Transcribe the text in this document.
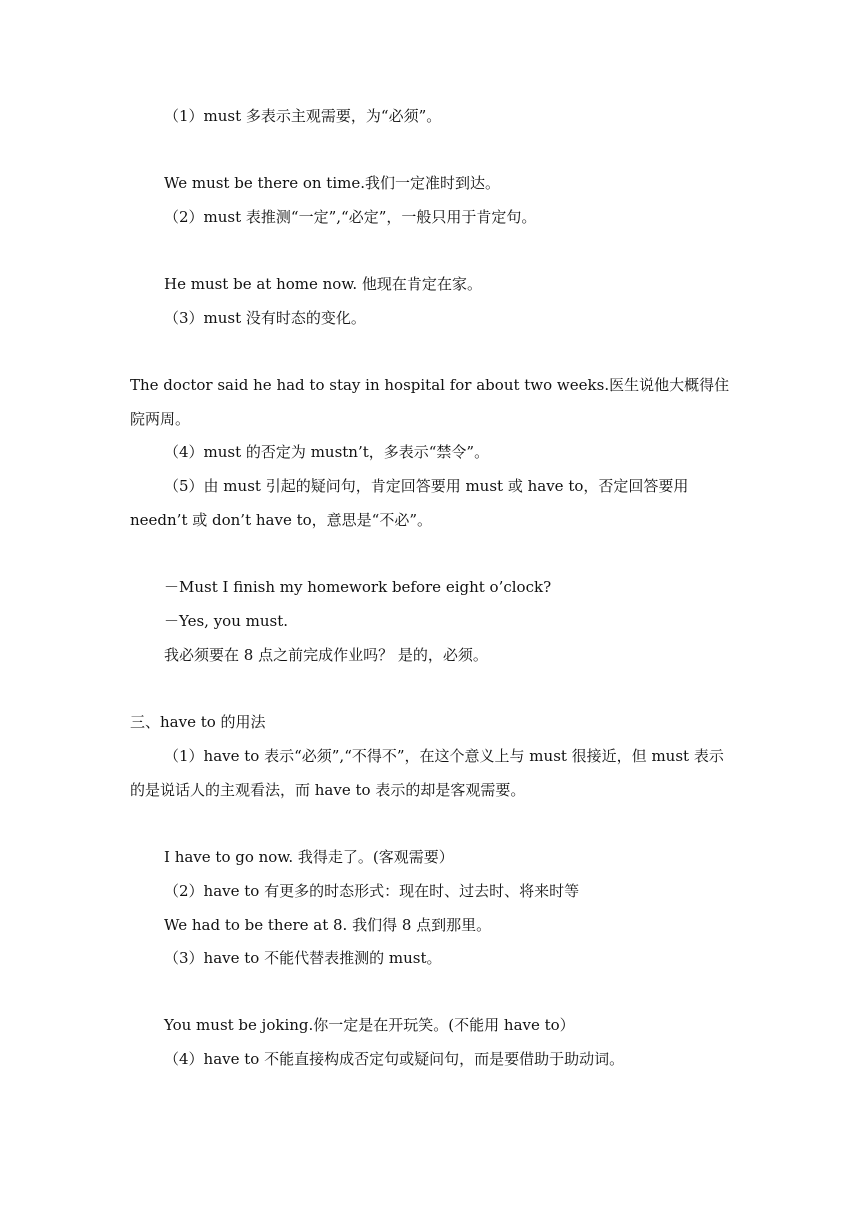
（1）must 多表示主观需要，为“必须”。
We must be there on time.我们一定准时到达。
（2）must 表推测“一定”,“必定”，一般只用于肯定句。
He must be at home now. 他现在肯定在家。
（3）must 没有时态的变化。
The doctor said he had to stay in hospital for about two weeks.医生说他大概得住院两周。
（4）must 的否定为 mustn’t，多表示“禁令”。
（5）由 must 引起的疑问句，肯定回答要用 must 或 have to，否定回答要用 needn’t 或 don’t have to，意思是“不必”。
－Must I finish my homework before eight o’clock?
－Yes, you must.
我必须要在 8 点之前完成作业吗？ 是的，必须。
三、have to 的用法
（1）have to 表示“必须”,“不得不”，在这个意义上与 must 很接近，但 must 表示的是说话人的主观看法，而 have to 表示的却是客观需要。
I have to go now. 我得走了。(客观需要）
（2）have to 有更多的时态形式：现在时、过去时、将来时等
We had to be there at 8. 我们得 8 点到那里。
（3）have to 不能代替表推测的 must。
You must be joking.你一定是在开玩笑。(不能用 have to）
（4）have to 不能直接构成否定句或疑问句，而是要借助于助动词。
